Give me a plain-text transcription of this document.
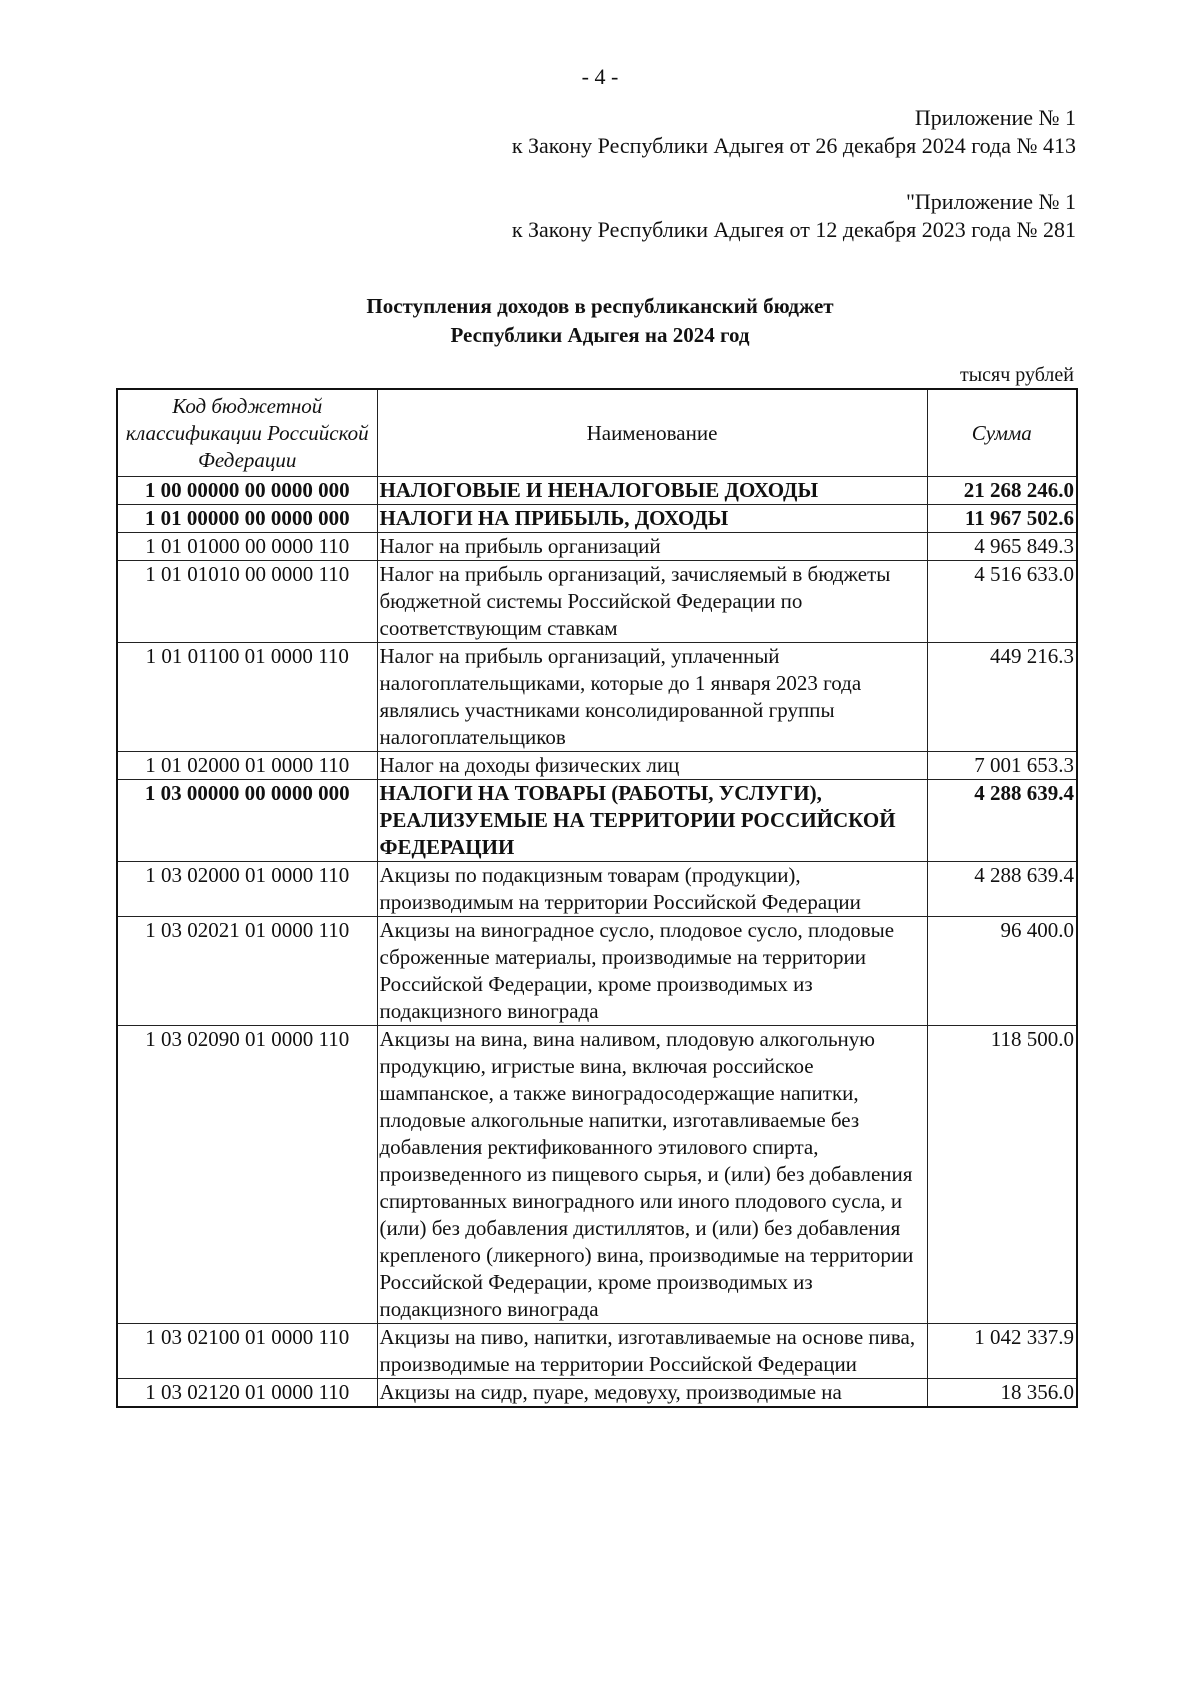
- 4 -
Приложение № 1
к Закону Республики Адыгея от 26 декабря 2024 года № 413
"Приложение № 1
к Закону Республики Адыгея от 12 декабря 2023 года № 281
Поступления доходов в республиканский бюджет
Республики Адыгея на 2024 год
тысяч рублей
Код бюджетной классификации Российской Федерации	Наименование	Сумма
1 00 00000 00 0000 000	НАЛОГОВЫЕ И НЕНАЛОГОВЫЕ ДОХОДЫ	21 268 246.0
1 01 00000 00 0000 000	НАЛОГИ НА ПРИБЫЛЬ, ДОХОДЫ	11 967 502.6
1 01 01000 00 0000 110	Налог на прибыль организаций	4 965 849.3
1 01 01010 00 0000 110	Налог на прибыль организаций, зачисляемый в бюджеты бюджетной системы Российской Федерации по соответствующим ставкам	4 516 633.0
1 01 01100 01 0000 110	Налог на прибыль организаций, уплаченный налогоплательщиками, которые до 1 января 2023 года являлись участниками консолидированной группы налогоплательщиков	449 216.3
1 01 02000 01 0000 110	Налог на доходы физических лиц	7 001 653.3
1 03 00000 00 0000 000	НАЛОГИ НА ТОВАРЫ (РАБОТЫ, УСЛУГИ), РЕАЛИЗУЕМЫЕ НА ТЕРРИТОРИИ РОССИЙСКОЙ ФЕДЕРАЦИИ	4 288 639.4
1 03 02000 01 0000 110	Акцизы по подакцизным товарам (продукции), производимым на территории Российской Федерации	4 288 639.4
1 03 02021 01 0000 110	Акцизы на виноградное сусло, плодовое сусло, плодовые сброженные материалы, производимые на территории Российской Федерации, кроме производимых из подакцизного винограда	96 400.0
1 03 02090 01 0000 110	Акцизы на вина, вина наливом, плодовую алкогольную продукцию, игристые вина, включая российское шампанское, а также виноградосодержащие напитки, плодовые алкогольные напитки, изготавливаемые без добавления ректификованного этилового спирта, произведенного из пищевого сырья, и (или) без добавления спиртованных виноградного или иного плодового сусла, и (или) без добавления дистиллятов, и (или) без добавления крепленого (ликерного) вина, производимые на территории Российской Федерации, кроме производимых из подакцизного винограда	118 500.0
1 03 02100 01 0000 110	Акцизы на пиво, напитки, изготавливаемые на основе пива, производимые на территории Российской Федерации	1 042 337.9
1 03 02120 01 0000 110	Акцизы на сидр, пуаре, медовуху, производимые на	18 356.0
